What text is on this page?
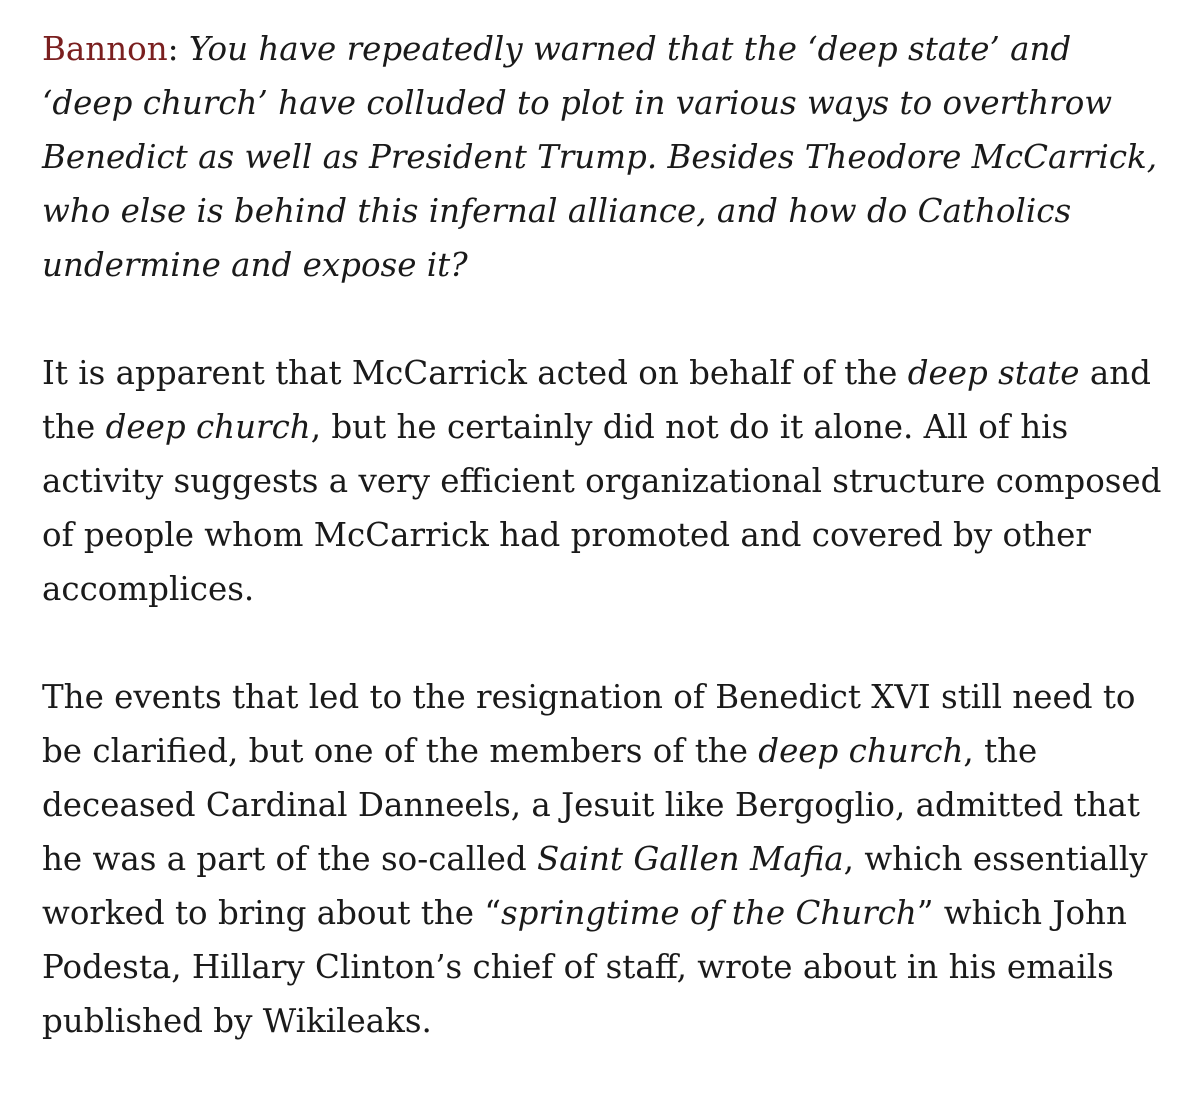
Bannon: You have repeatedly warned that the ‘deep state’ and ‘deep church’ have colluded to plot in various ways to overthrow Benedict as well as President Trump. Besides Theodore McCarrick, who else is behind this infernal alliance, and how do Catholics undermine and expose it?

It is apparent that McCarrick acted on behalf of the deep state and the deep church, but he certainly did not do it alone. All of his activity suggests a very efficient organizational structure composed of people whom McCarrick had promoted and covered by other accomplices.

The events that led to the resignation of Benedict XVI still need to be clarified, but one of the members of the deep church, the deceased Cardinal Danneels, a Jesuit like Bergoglio, admitted that he was a part of the so-called Saint Gallen Mafia, which essentially worked to bring about the “springtime of the Church” which John Podesta, Hillary Clinton’s chief of staff, wrote about in his emails published by Wikileaks.
